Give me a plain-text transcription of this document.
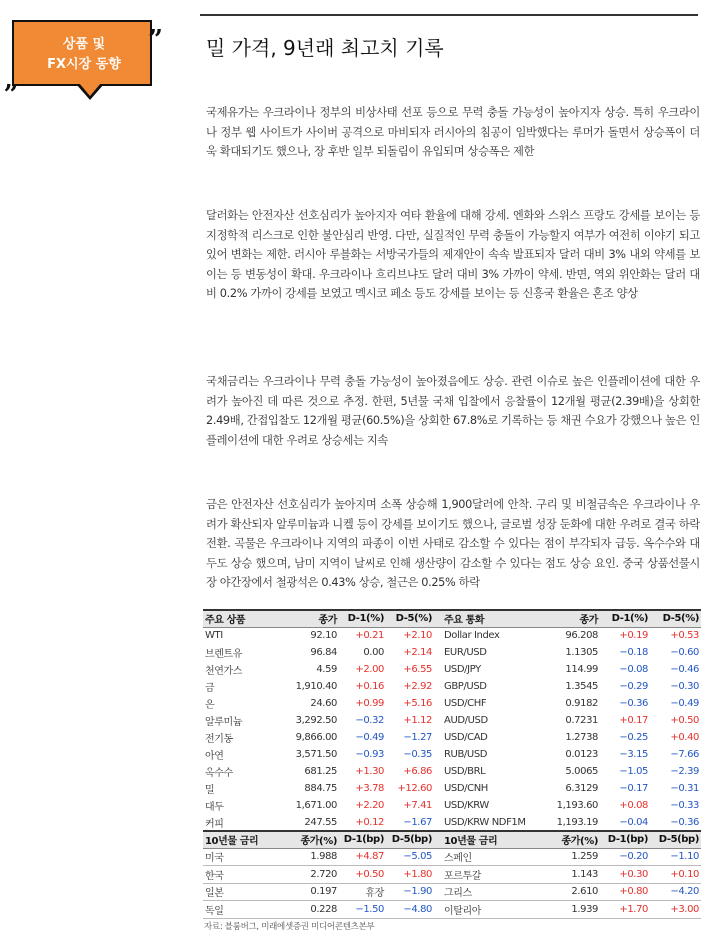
상품 및
FX시장 동향
„
” 밀 가격, 9년래 최고치 기록

국제유가는 우크라이나 정부의 비상사태 선포 등으로 무력 충돌 가능성이 높아지자 상승. 특히 우크라이나 정부 웹 사이트가 사이버 공격으로 마비되자 러시아의 침공이 임박했다는 루머가 돌면서 상승폭이 더욱 확대되기도 했으나, 장 후반 일부 되돌림이 유입되며 상승폭은 제한

달러화는 안전자산 선호심리가 높아지자 여타 환율에 대해 강세. 엔화와 스위스 프랑도 강세를 보이는 등 지정학적 리스크로 인한 불안심리 반영. 다만, 실질적인 무력 충돌이 가능할지 여부가 여전히 이야기 되고 있어 변화는 제한. 러시아 루블화는 서방국가들의 제재안이 속속 발표되자 달러 대비 3% 내외 약세를 보이는 등 변동성이 확대. 우크라이나 흐리브냐도 달러 대비 3% 가까이 약세. 반면, 역외 위안화는 달러 대비 0.2% 가까이 강세를 보였고 멕시코 페소 등도 강세를 보이는 등 신흥국 환율은 혼조 양상

국채금리는 우크라이나 무력 충돌 가능성이 높아졌음에도 상승. 관련 이슈로 높은 인플레이션에 대한 우려가 높아진 데 따른 것으로 추정. 한편, 5년물 국채 입찰에서 응찰률이 12개월 평균(2.39배)을 상회한 2.49배, 간접입찰도 12개월 평균(60.5%)을 상회한 67.8%로 기록하는 등 채권 수요가 강했으나 높은 인플레이션에 대한 우려로 상승세는 지속

금은 안전자산 선호심리가 높아지며 소폭 상승해 1,900달러에 안착. 구리 및 비철금속은 우크라이나 우려가 확산되자 알루미늄과 니켈 등이 강세를 보이기도 했으나, 글로벌 성장 둔화에 대한 우려로 결국 하락 전환. 곡물은 우크라이나 지역의 파종이 이번 사태로 감소할 수 있다는 점이 부각되자 급등. 옥수수와 대두도 상승 했으며, 남미 지역이 날씨로 인해 생산량이 감소할 수 있다는 점도 상승 요인. 중국 상품선물시장 야간장에서 철광석은 0.43% 상승, 철근은 0.25% 하락

주요 상품	종가	D-1(%)	D-5(%)	주요 통화	종가	D-1(%)	D-5(%)
WTI	92.10	+0.21	+2.10	Dollar Index	96.208	+0.19	+0.53
브렌트유	96.84	0.00	+2.14	EUR/USD	1.1305	−0.18	−0.60
천연가스	4.59	+2.00	+6.55	USD/JPY	114.99	−0.08	−0.46
금	1,910.40	+0.16	+2.92	GBP/USD	1.3545	−0.29	−0.30
은	24.60	+0.99	+5.16	USD/CHF	0.9182	−0.36	−0.49
알루미늄	3,292.50	−0.32	+1.12	AUD/USD	0.7231	+0.17	+0.50
전기동	9,866.00	−0.49	−1.27	USD/CAD	1.2738	−0.25	+0.40
아연	3,571.50	−0.93	−0.35	RUB/USD	0.0123	−3.15	−7.66
옥수수	681.25	+1.30	+6.86	USD/BRL	5.0065	−1.05	−2.39
밀	884.75	+3.78	+12.60	USD/CNH	6.3129	−0.17	−0.31
대두	1,671.00	+2.20	+7.41	USD/KRW	1,193.60	+0.08	−0.33
커피	247.55	+0.12	−1.67	USD/KRW NDF1M	1,193.19	−0.04	−0.36
10년물 금리	종가(%)	D-1(bp)	D-5(bp)	10년물 금리	종가(%)	D-1(bp)	D-5(bp)
미국	1.988	+4.87	−5.05	스페인	1.259	−0.20	−1.10
한국	2.720	+0.50	+1.80	포르투갈	1.143	+0.30	+0.10
일본	0.197	휴장	−1.90	그리스	2.610	+0.80	−4.20
독일	0.228	−1.50	−4.80	이탈리아	1.939	+1.70	+3.00
자료: 블룸버그, 미래에셋증권 미디어콘텐츠본부
